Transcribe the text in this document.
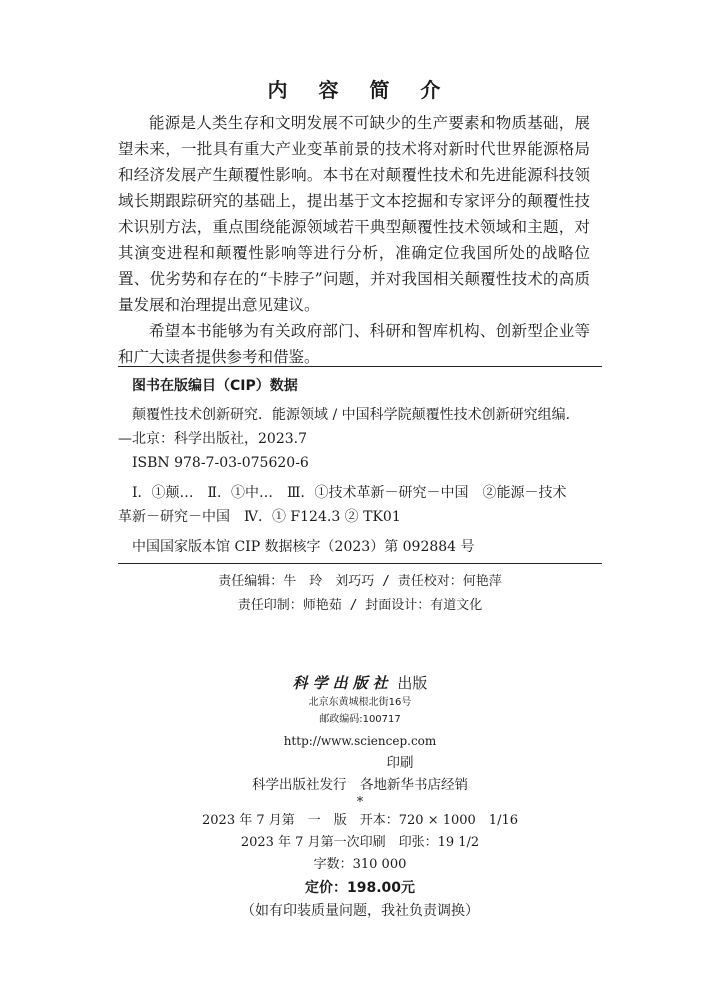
内 容 简 介

能源是人类生存和文明发展不可缺少的生产要素和物质基础，展望未来，一批具有重大产业变革前景的技术将对新时代世界能源格局和经济发展产生颠覆性影响。本书在对颠覆性技术和先进能源科技领域长期跟踪研究的基础上，提出基于文本挖掘和专家评分的颠覆性技术识别方法，重点围绕能源领域若干典型颠覆性技术领域和主题，对其演变进程和颠覆性影响等进行分析，准确定位我国所处的战略位置、优劣势和存在的“卡脖子”问题，并对我国相关颠覆性技术的高质量发展和治理提出意见建议。

希望本书能够为有关政府部门、科研和智库机构、创新型企业等和广大读者提供参考和借鉴。

图书在版编目（CIP）数据
颠覆性技术创新研究．能源领域 / 中国科学院颠覆性技术创新研究组编．
—北京：科学出版社，2023.7
ISBN 978-7-03-075620-6
Ⅰ．①颠…　Ⅱ．①中…　Ⅲ．①技术革新－研究－中国　②能源－技术
革新－研究－中国　Ⅳ．① F124.3 ② TK01
中国国家版本馆 CIP 数据核字（2023）第 092884 号
责任编辑：牛　玲　刘巧巧 / 责任校对：何艳萍
责任印制：师艳茹 / 封面设计：有道文化
科学出版社 出版
北京东黄城根北街16号
邮政编码:100717
http://www.sciencep.com
印刷
科学出版社发行　各地新华书店经销
*
2023 年 7 月第　一　版　开本：720 × 1000　1/16
2023 年 7 月第一次印刷　印张：19 1/2
字数：310 000
定价：198.00元
（如有印装质量问题，我社负责调换）
